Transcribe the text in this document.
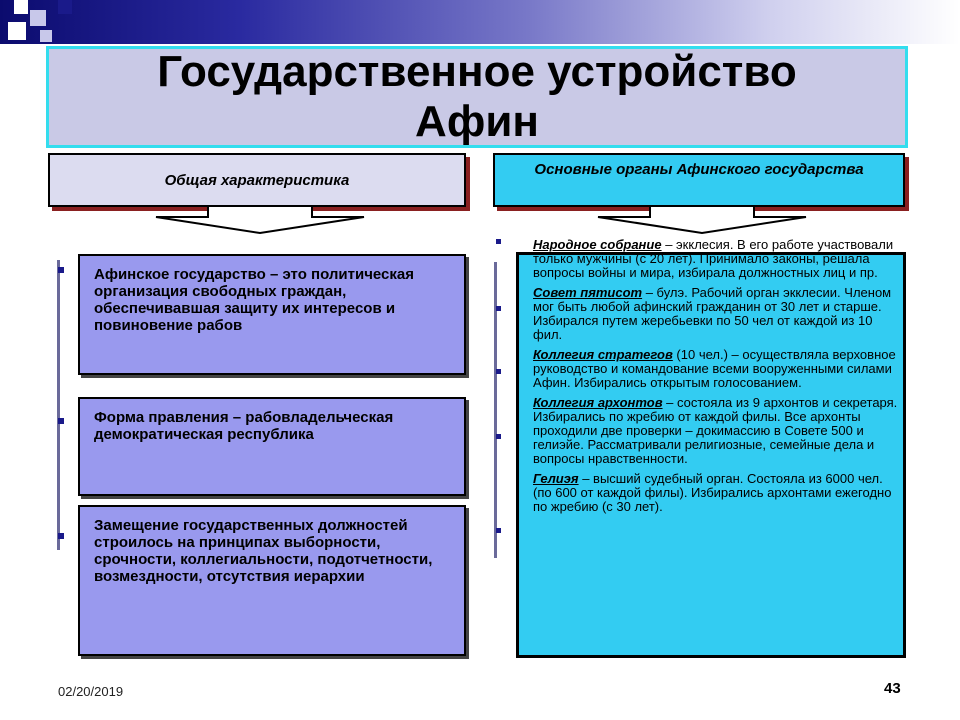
Государственное устройство Афин
Общая характеристика
Основные органы Афинского государства
Афинское государство – это политическая организация свободных граждан, обеспечивавшая защиту их интересов и повиновение рабов
Форма правления – рабовладельческая демократическая республика
Замещение государственных должностей строилось на принципах выборности, срочности, коллегиальности, подотчетности, возмездности, отсутствия иерархии
Народное собрание – экклесия. В его работе участвовали только мужчины (с 20 лет). Принимало законы, решала вопросы войны и мира, избирала должностных лиц и пр.
Совет пятисот – булэ. Рабочий орган экклесии. Членом мог быть любой афинский гражданин от 30 лет и старше. Избирался путем жеребьевки по 50 чел от каждой из 10 фил.
Коллегия стратегов (10 чел.) – осуществляла верховное руководство и командование всеми вооруженными силами Афин. Избирались открытым голосованием.
Коллегия архонтов – состояла из 9 архонтов и секретаря. Избирались по жребию от каждой филы. Все архонты проходили две проверки – докимассию в Совете 500 и гелиэйе. Рассматривали религиозные, семейные дела и вопросы нравственности.
Гелиэя – высший судебный орган. Состояла из 6000 чел. (по 600 от каждой филы). Избирались архонтами ежегодно по жребию (с 30 лет).
02/20/2019	43
